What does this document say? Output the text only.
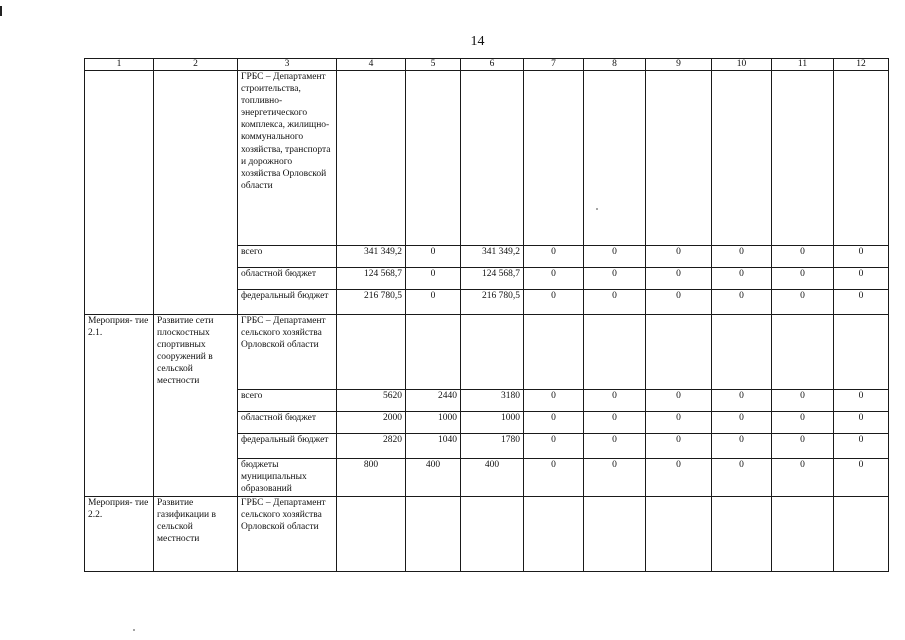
14
1	2	3	4	5	6	7	8	9	10	11	12
		ГРБС – Департамент строительства, топливно- энергетического комплекса, жилищно- коммунального хозяйства, транспорта и дорожного хозяйства Орловской области									
		всего	341 349,2	0	341 349,2	0	0	0	0	0	0
		областной бюджет	124 568,7	0	124 568,7	0	0	0	0	0	0
		федеральный бюджет	216 780,5	0	216 780,5	0	0	0	0	0	0
Мероприя- тие 2.1.	Развитие сети плоскостных спортивных сооружений в сельской местности	ГРБС – Департамент сельского хозяйства Орловской области									
		всего	5620	2440	3180	0	0	0	0	0	0
		областной бюджет	2000	1000	1000	0	0	0	0	0	0
		федеральный бюджет	2820	1040	1780	0	0	0	0	0	0
		бюджеты муниципальных образований	800	400	400	0	0	0	0	0	0
Мероприя- тие 2.2.	Развитие газификации в сельской местности	ГРБС – Департамент сельского хозяйства Орловской области									
